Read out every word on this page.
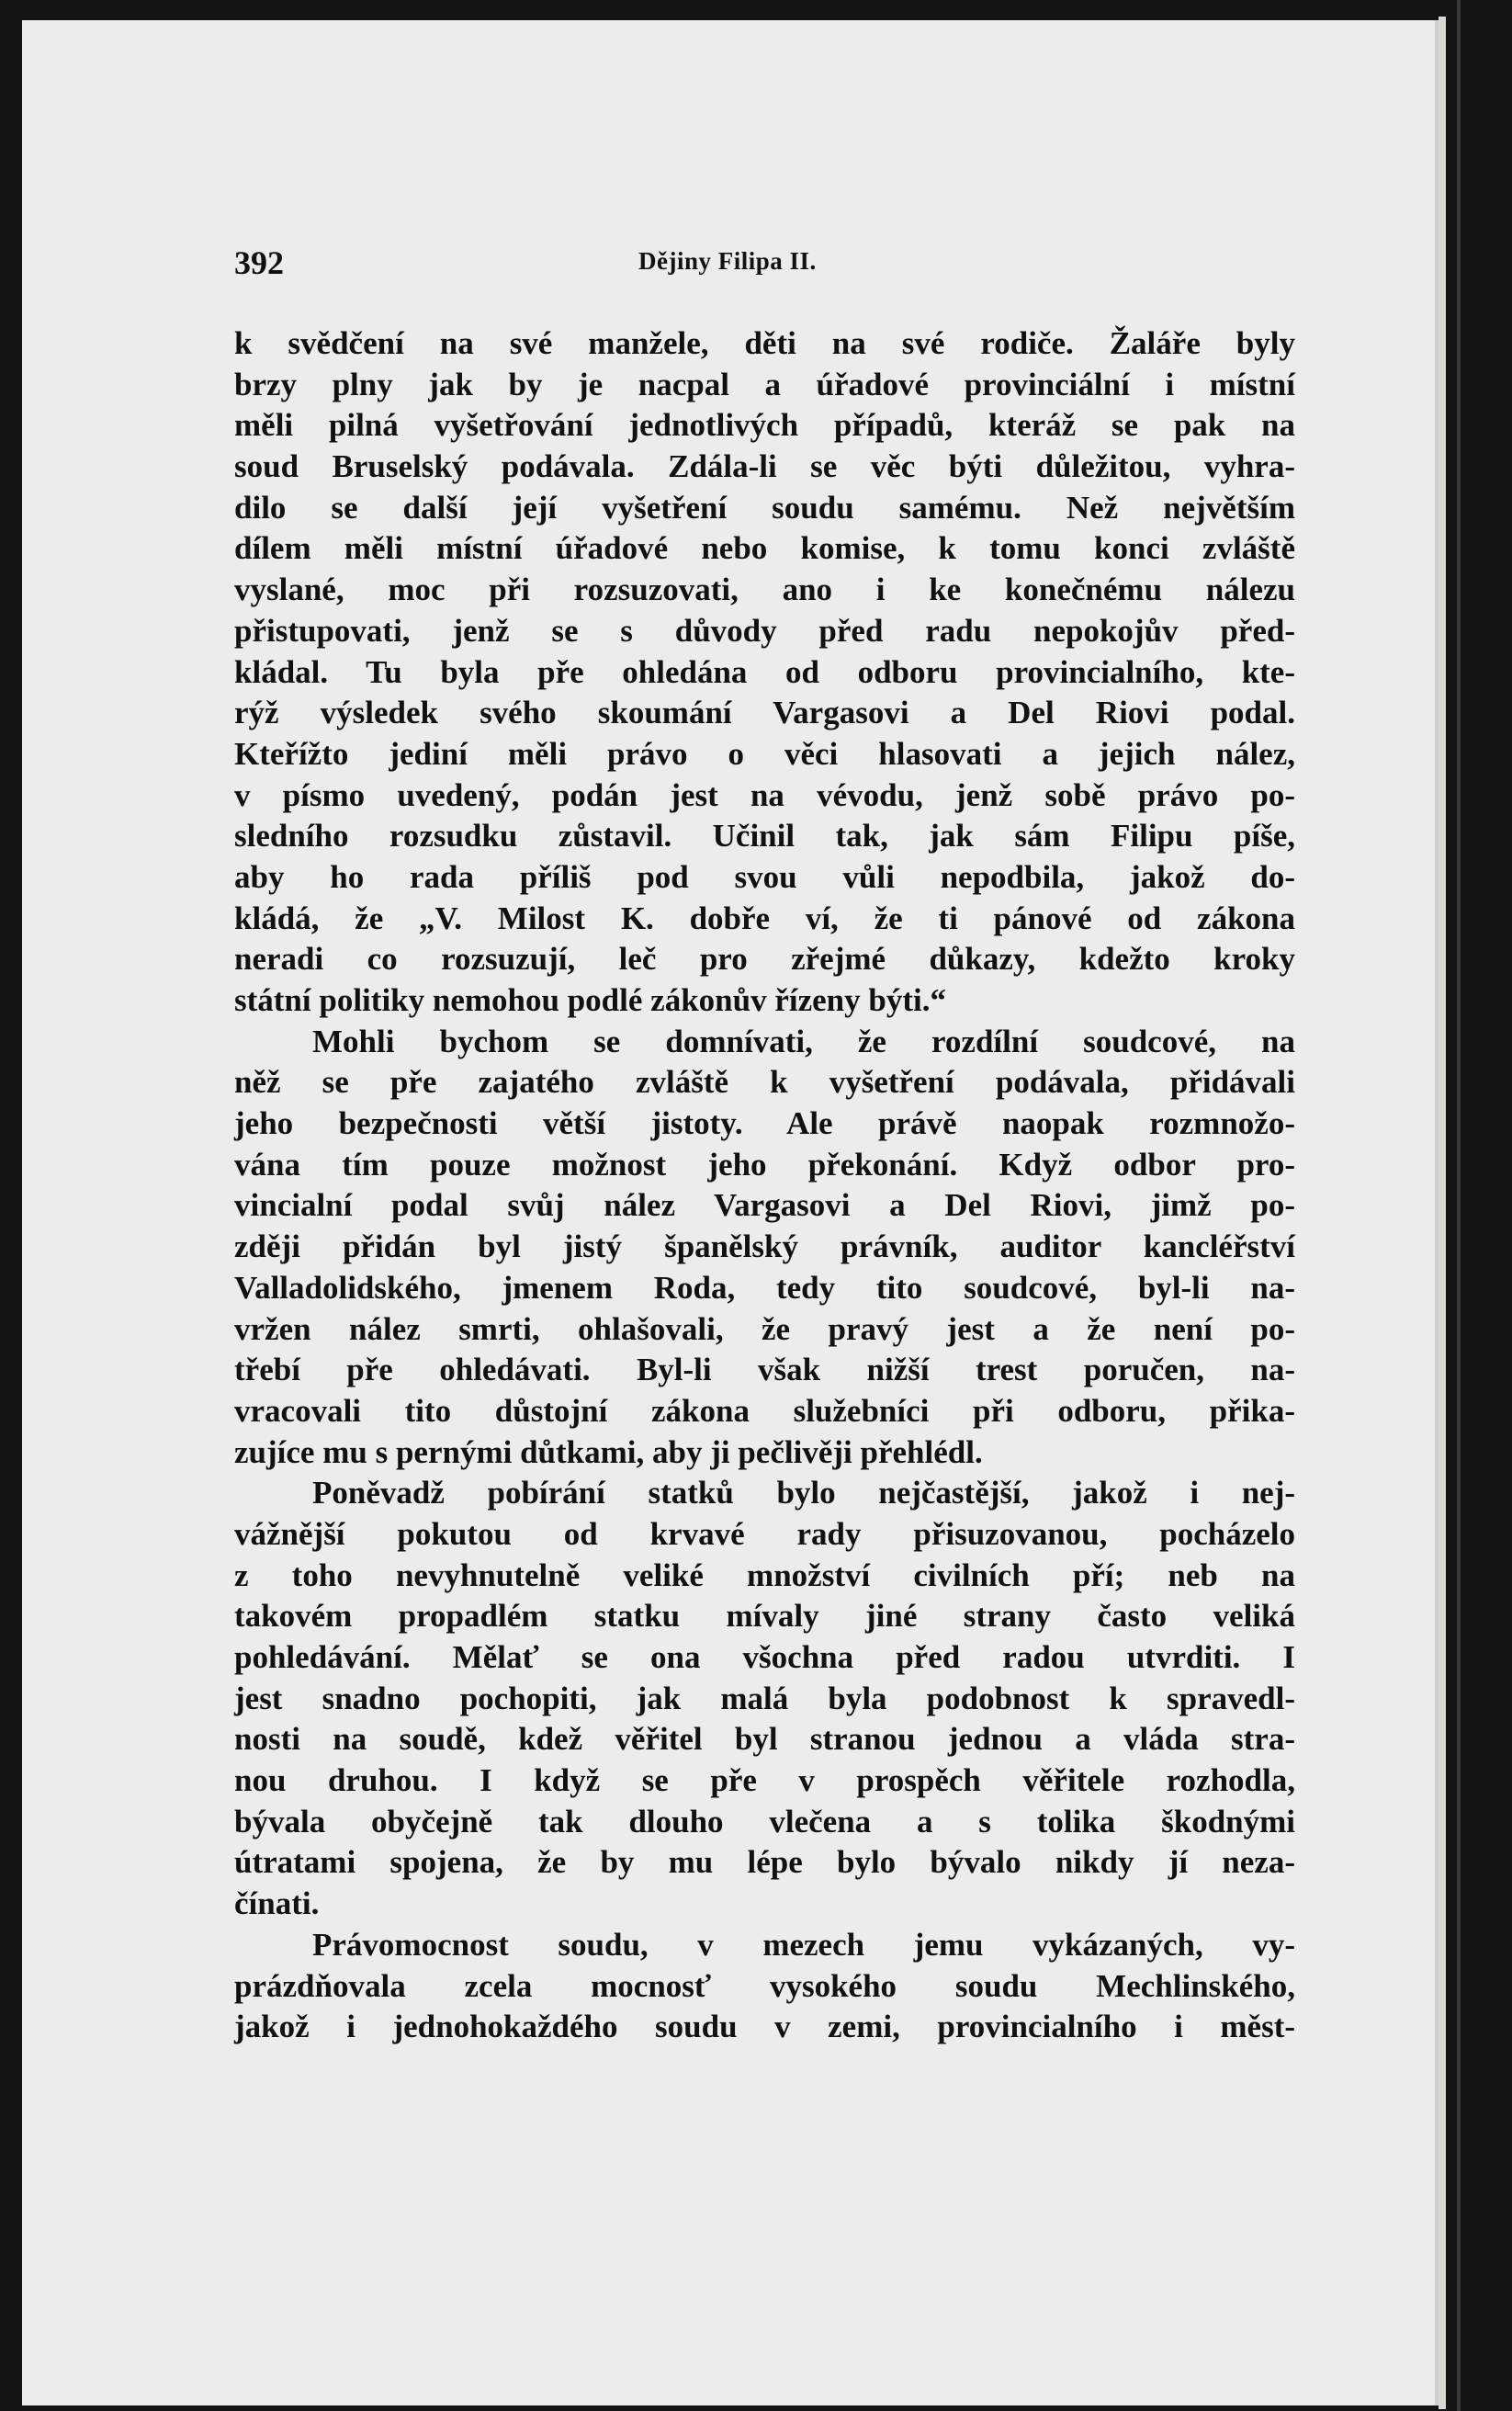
392	Dějiny Filipa II.
k svědčení na své manžele, děti na své rodiče. Žaláře byly
brzy plny jak by je nacpal a úřadové provinciální i místní
měli pilná vyšetřování jednotlivých případů, kteráž se pak na
soud Bruselský podávala. Zdála-li se věc býti důležitou, vyhra-
dilo se další její vyšetření soudu samému. Než největším
dílem měli místní úřadové nebo komise, k tomu konci zvláště
vyslané, moc při rozsuzovati, ano i ke konečnému nálezu
přistupovati, jenž se s důvody před radu nepokojův před-
kládal. Tu byla pře ohledána od odboru provincialního, kte-
rýž výsledek svého skoumání Vargasovi a Del Riovi podal.
Kteřížto jediní měli právo o věci hlasovati a jejich nález,
v písmo uvedený, podán jest na vévodu, jenž sobě právo po-
sledního rozsudku zůstavil. Učinil tak, jak sám Filipu píše,
aby ho rada příliš pod svou vůli nepodbila, jakož do-
kládá, že „V. Milost K. dobře ví, že ti pánové od zákona
neradi co rozsuzují, leč pro zřejmé důkazy, kdežto kroky
státní politiky nemohou podlé zákonův řízeny býti.“
Mohli bychom se domnívati, že rozdílní soudcové, na
něž se pře zajatého zvláště k vyšetření podávala, přidávali
jeho bezpečnosti větší jistoty. Ale právě naopak rozmnožo-
vána tím pouze možnost jeho překonání. Když odbor pro-
vincialní podal svůj nález Vargasovi a Del Riovi, jimž po-
zději přidán byl jistý španělský právník, auditor kancléřství
Valladolidského, jmenem Roda, tedy tito soudcové, byl-li na-
vržen nález smrti, ohlašovali, že pravý jest a že není po-
třebí pře ohledávati. Byl-li však nižší trest poručen, na-
vracovali tito důstojní zákona služebníci při odboru, přika-
zujíce mu s pernými důtkami, aby ji pečlivěji přehlédl.
Poněvadž pobírání statků bylo nejčastější, jakož i nej-
vážnější pokutou od krvavé rady přisuzovanou, pocházelo
z toho nevyhnutelně veliké množství civilních pří; neb na
takovém propadlém statku mívaly jiné strany často veliká
pohledávání. Mělať se ona všochna před radou utvrditi. I
jest snadno pochopiti, jak malá byla podobnost k spravedl-
nosti na soudě, kdež věřitel byl stranou jednou a vláda stra-
nou druhou. I když se pře v prospěch věřitele rozhodla,
bývala obyčejně tak dlouho vlečena a s tolika škodnými
útratami spojena, že by mu lépe bylo bývalo nikdy jí neza-
čínati.
Právomocnost soudu, v mezech jemu vykázaných, vy-
prázdňovala zcela mocnosť vysokého soudu Mechlinského,
jakož i jednohokaždého soudu v zemi, provincialního i měst-
